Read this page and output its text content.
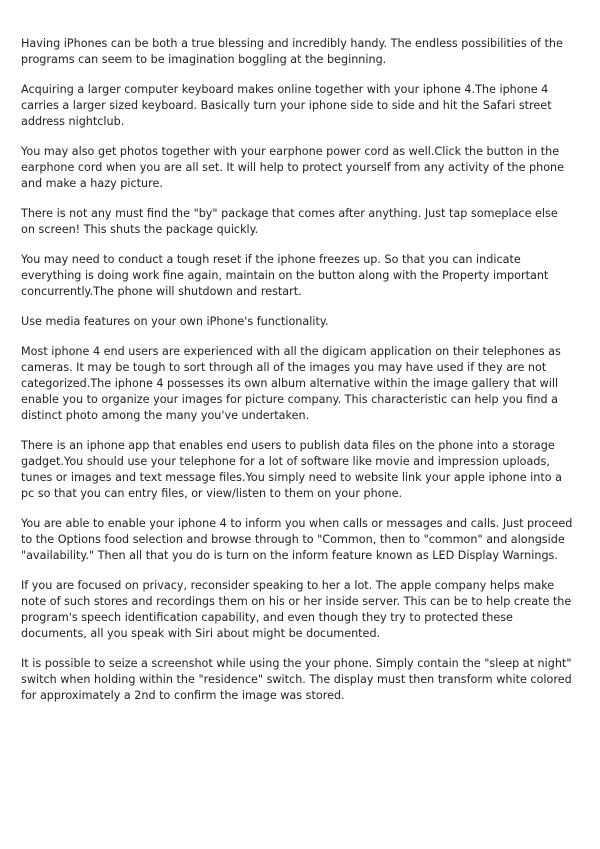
Having iPhones can be both a true blessing and incredibly handy. The endless possibilities of the programs can seem to be imagination boggling at the beginning.

Acquiring a larger computer keyboard makes online together with your iphone 4.The iphone 4 carries a larger sized keyboard. Basically turn your iphone side to side and hit the Safari street address nightclub.

You may also get photos together with your earphone power cord as well.Click the button in the earphone cord when you are all set. It will help to protect yourself from any activity of the phone and make a hazy picture.

There is not any must find the "by" package that comes after anything. Just tap someplace else on screen! This shuts the package quickly.

You may need to conduct a tough reset if the iphone freezes up. So that you can indicate everything is doing work fine again, maintain on the button along with the Property important concurrently.The phone will shutdown and restart.

Use media features on your own iPhone's functionality.

Most iphone 4 end users are experienced with all the digicam application on their telephones as cameras. It may be tough to sort through all of the images you may have used if they are not categorized.The iphone 4 possesses its own album alternative within the image gallery that will enable you to organize your images for picture company. This characteristic can help you find a distinct photo among the many you've undertaken.

There is an iphone app that enables end users to publish data files on the phone into a storage gadget.You should use your telephone for a lot of software like movie and impression uploads, tunes or images and text message files.You simply need to website link your apple iphone into a pc so that you can entry files, or view/listen to them on your phone.

You are able to enable your iphone 4 to inform you when calls or messages and calls. Just proceed to the Options food selection and browse through to "Common, then to "common" and alongside "availability." Then all that you do is turn on the inform feature known as LED Display Warnings.

If you are focused on privacy, reconsider speaking to her a lot. The apple company helps make note of such stores and recordings them on his or her inside server. This can be to help create the program's speech identification capability, and even though they try to protected these documents, all you speak with Siri about might be documented.

It is possible to seize a screenshot while using the your phone. Simply contain the "sleep at night" switch when holding within the "residence" switch. The display must then transform white colored for approximately a 2nd to confirm the image was stored.
